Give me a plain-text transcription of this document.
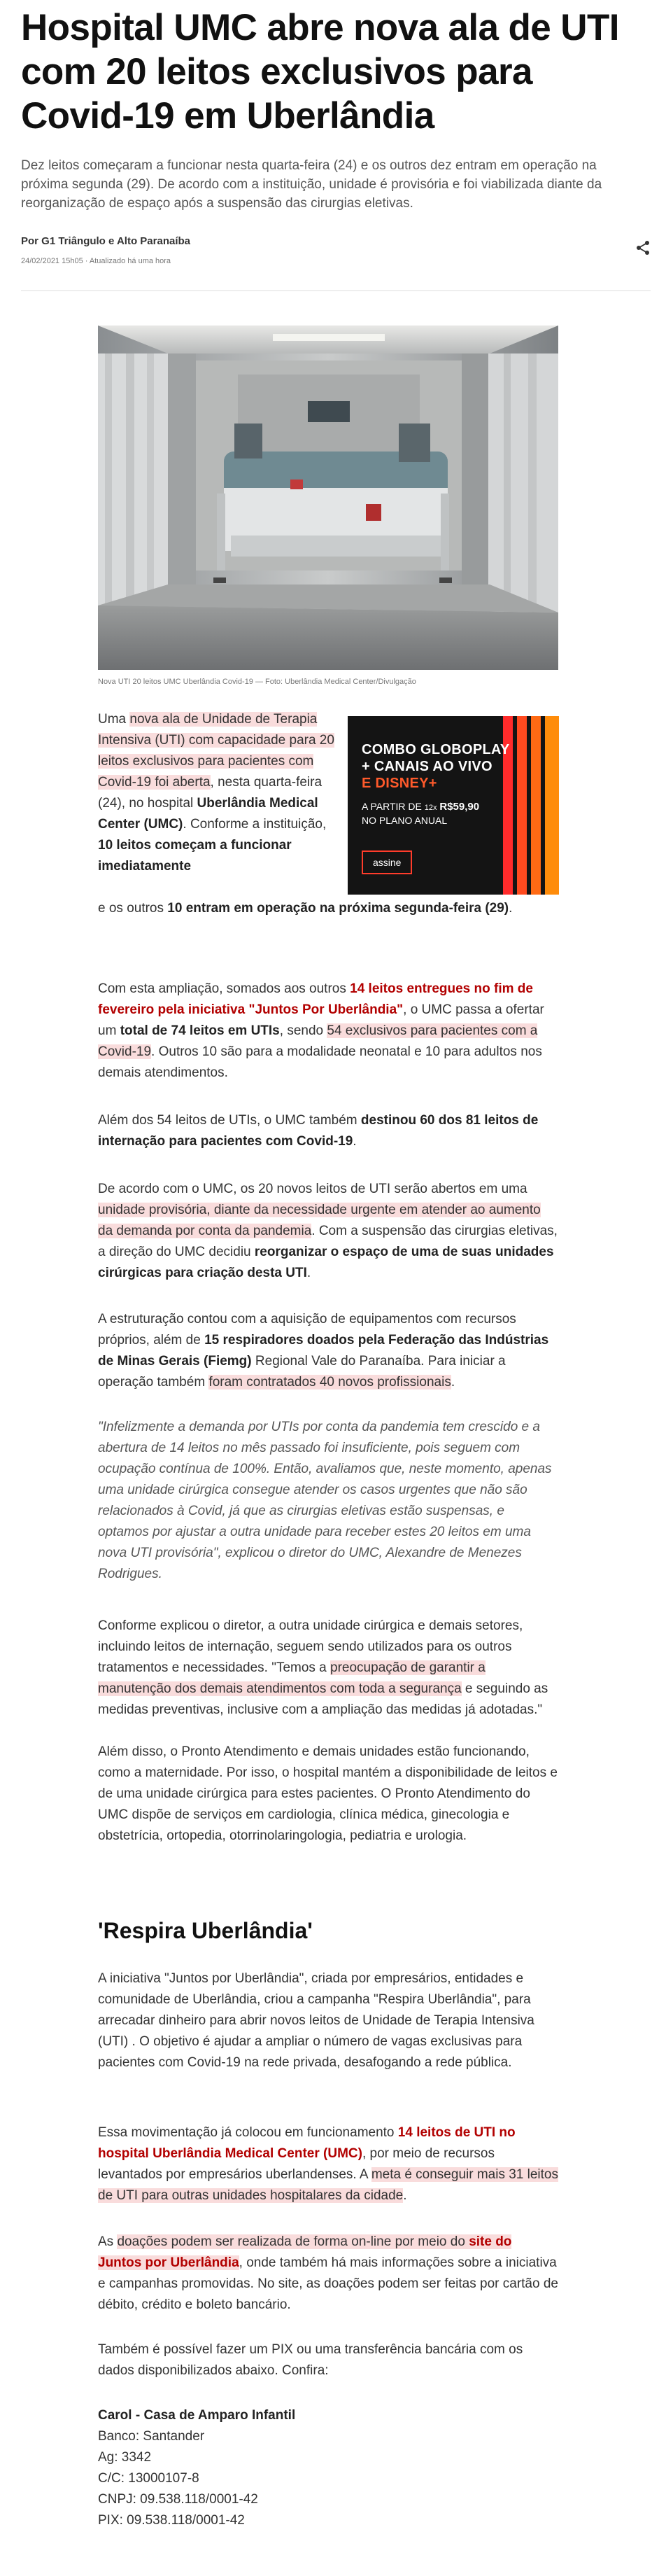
Hospital UMC abre nova ala de UTI com 20 leitos exclusivos para Covid-19 em Uberlândia

Dez leitos começaram a funcionar nesta quarta-feira (24) e os outros dez entram em operação na próxima segunda (29). De acordo com a instituição, unidade é provisória e foi viabilizada diante da reorganização de espaço após a suspensão das cirurgias eletivas.

Por G1 Triângulo e Alto Paranaíba
24/02/2021 15h05 · Atualizado há uma hora
Nova UTI 20 leitos UMC Uberlândia Covid-19 — Foto: Uberlândia Medical Center/Divulgação
COMBO GLOBOPLAY
+ CANAIS AO VIVO
E DISNEY+
A PARTIR DE 12x R$59,90
NO PLANO ANUAL
assine

Uma nova ala de Unidade de Terapia Intensiva (UTI) com capacidade para 20 leitos exclusivos para pacientes com Covid-19 foi aberta, nesta quarta-feira (24), no hospital Uberlândia Medical Center (UMC). Conforme a instituição, 10 leitos começam a funcionar imediatamente

e os outros 10 entram em operação na próxima segunda-feira (29).

Com esta ampliação, somados aos outros 14 leitos entregues no fim de fevereiro pela iniciativa "Juntos Por Uberlândia", o UMC passa a ofertar um total de 74 leitos em UTIs, sendo 54 exclusivos para pacientes com a Covid-19. Outros 10 são para a modalidade neonatal e 10 para adultos nos demais atendimentos.

Além dos 54 leitos de UTIs, o UMC também destinou 60 dos 81 leitos de internação para pacientes com Covid-19.

De acordo com o UMC, os 20 novos leitos de UTI serão abertos em uma unidade provisória, diante da necessidade urgente em atender ao aumento da demanda por conta da pandemia. Com a suspensão das cirurgias eletivas, a direção do UMC decidiu reorganizar o espaço de uma de suas unidades cirúrgicas para criação desta UTI.

A estruturação contou com a aquisição de equipamentos com recursos próprios, além de 15 respiradores doados pela Federação das Indústrias de Minas Gerais (Fiemg) Regional Vale do Paranaíba. Para iniciar a operação também foram contratados 40 novos profissionais.

"Infelizmente a demanda por UTIs por conta da pandemia tem crescido e a abertura de 14 leitos no mês passado foi insuficiente, pois seguem com ocupação contínua de 100%. Então, avaliamos que, neste momento, apenas uma unidade cirúrgica consegue atender os casos urgentes que não são relacionados à Covid, já que as cirurgias eletivas estão suspensas, e optamos por ajustar a outra unidade para receber estes 20 leitos em uma nova UTI provisória", explicou o diretor do UMC, Alexandre de Menezes Rodrigues.

Conforme explicou o diretor, a outra unidade cirúrgica e demais setores, incluindo leitos de internação, seguem sendo utilizados para os outros tratamentos e necessidades. "Temos a preocupação de garantir a manutenção dos demais atendimentos com toda a segurança e seguindo as medidas preventivas, inclusive com a ampliação das medidas já adotadas."

Além disso, o Pronto Atendimento e demais unidades estão funcionando, como a maternidade. Por isso, o hospital mantém a disponibilidade de leitos e de uma unidade cirúrgica para estes pacientes. O Pronto Atendimento do UMC dispõe de serviços em cardiologia, clínica médica, ginecologia e obstetrícia, ortopedia, otorrinolaringologia, pediatria e urologia.

'Respira Uberlândia'

A iniciativa "Juntos por Uberlândia", criada por empresários, entidades e comunidade de Uberlândia, criou a campanha "Respira Uberlândia", para arrecadar dinheiro para abrir novos leitos de Unidade de Terapia Intensiva (UTI) . O objetivo é ajudar a ampliar o número de vagas exclusivas para pacientes com Covid-19 na rede privada, desafogando a rede pública.

Essa movimentação já colocou em funcionamento 14 leitos de UTI no hospital Uberlândia Medical Center (UMC), por meio de recursos levantados por empresários uberlandenses. A meta é conseguir mais 31 leitos de UTI para outras unidades hospitalares da cidade.

As doações podem ser realizada de forma on-line por meio do site do Juntos por Uberlândia, onde também há mais informações sobre a iniciativa e campanhas promovidas. No site, as doações podem ser feitas por cartão de débito, crédito e boleto bancário.

Também é possível fazer um PIX ou uma transferência bancária com os dados disponibilizados abaixo. Confira:

Carol - Casa de Amparo Infantil

Banco: Santander

Ag: 3342

C/C: 13000107-8

CNPJ: 09.538.118/0001-42

PIX: 09.538.118/0001-42
